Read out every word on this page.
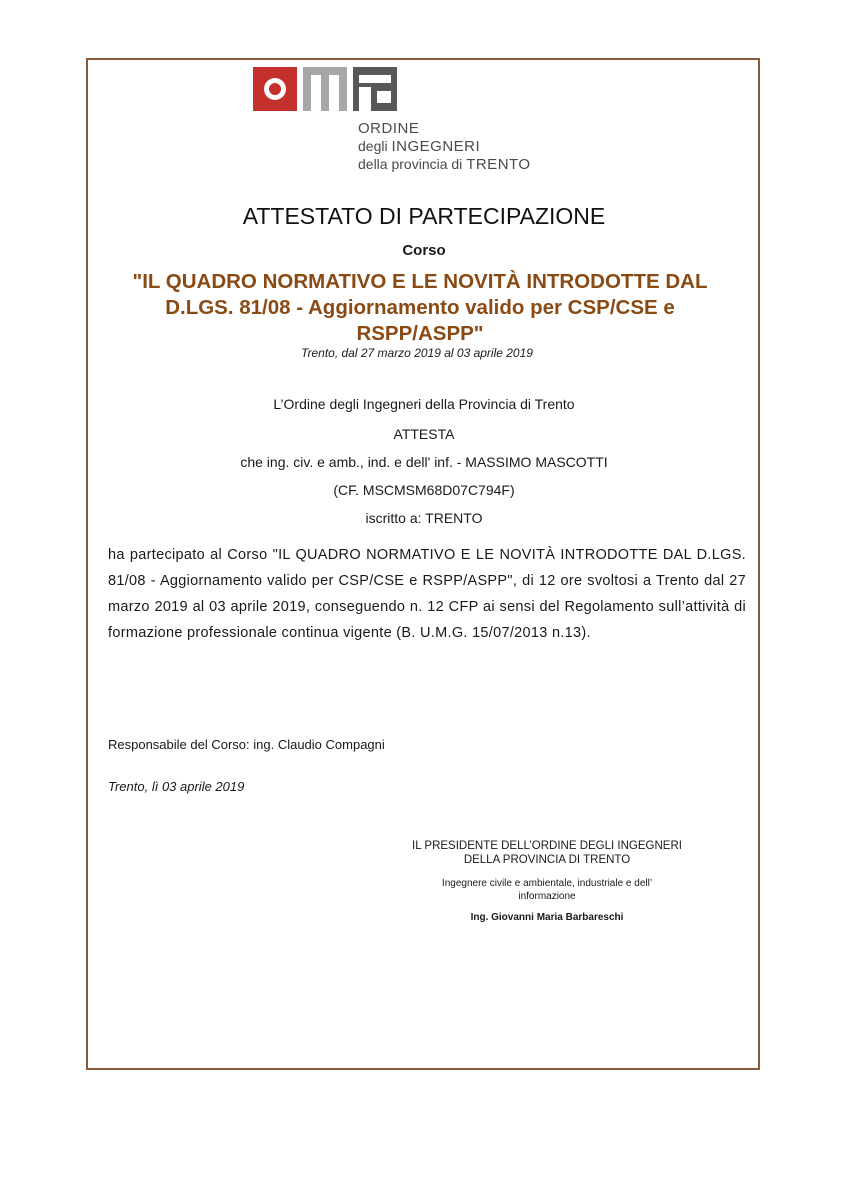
ORDINE
degli INGEGNERI
della provincia di TRENTO
ATTESTATO DI PARTECIPAZIONE
Corso
"IL QUADRO NORMATIVO E LE NOVITÀ INTRODOTTE DAL D.LGS. 81/08 - Aggiornamento valido per CSP/CSE e RSPP/ASPP"
Trento, dal 27 marzo 2019 al 03 aprile 2019
L’Ordine degli Ingegneri della Provincia di Trento
ATTESTA
che ing. civ. e amb., ind. e dell' inf. - MASSIMO MASCOTTI
(CF. MSCMSM68D07C794F)
iscritto a: TRENTO
ha partecipato al Corso "IL QUADRO NORMATIVO E LE NOVITÀ INTRODOTTE DAL D.LGS. 81/08 - Aggiornamento valido per CSP/CSE e RSPP/ASPP", di 12 ore svoltosi a Trento dal 27 marzo 2019 al 03 aprile 2019, conseguendo n. 12 CFP ai sensi del Regolamento sull’attività di formazione professionale continua vigente (B. U.M.G. 15/07/2013 n.13).
Responsabile del Corso: ing. Claudio Compagni
Trento, lì 03 aprile 2019
IL PRESIDENTE DELL’ORDINE DEGLI INGEGNERI
DELLA PROVINCIA DI TRENTO
Ingegnere civile e ambientale, industriale e dell’
informazione
Ing. Giovanni Maria Barbareschi
